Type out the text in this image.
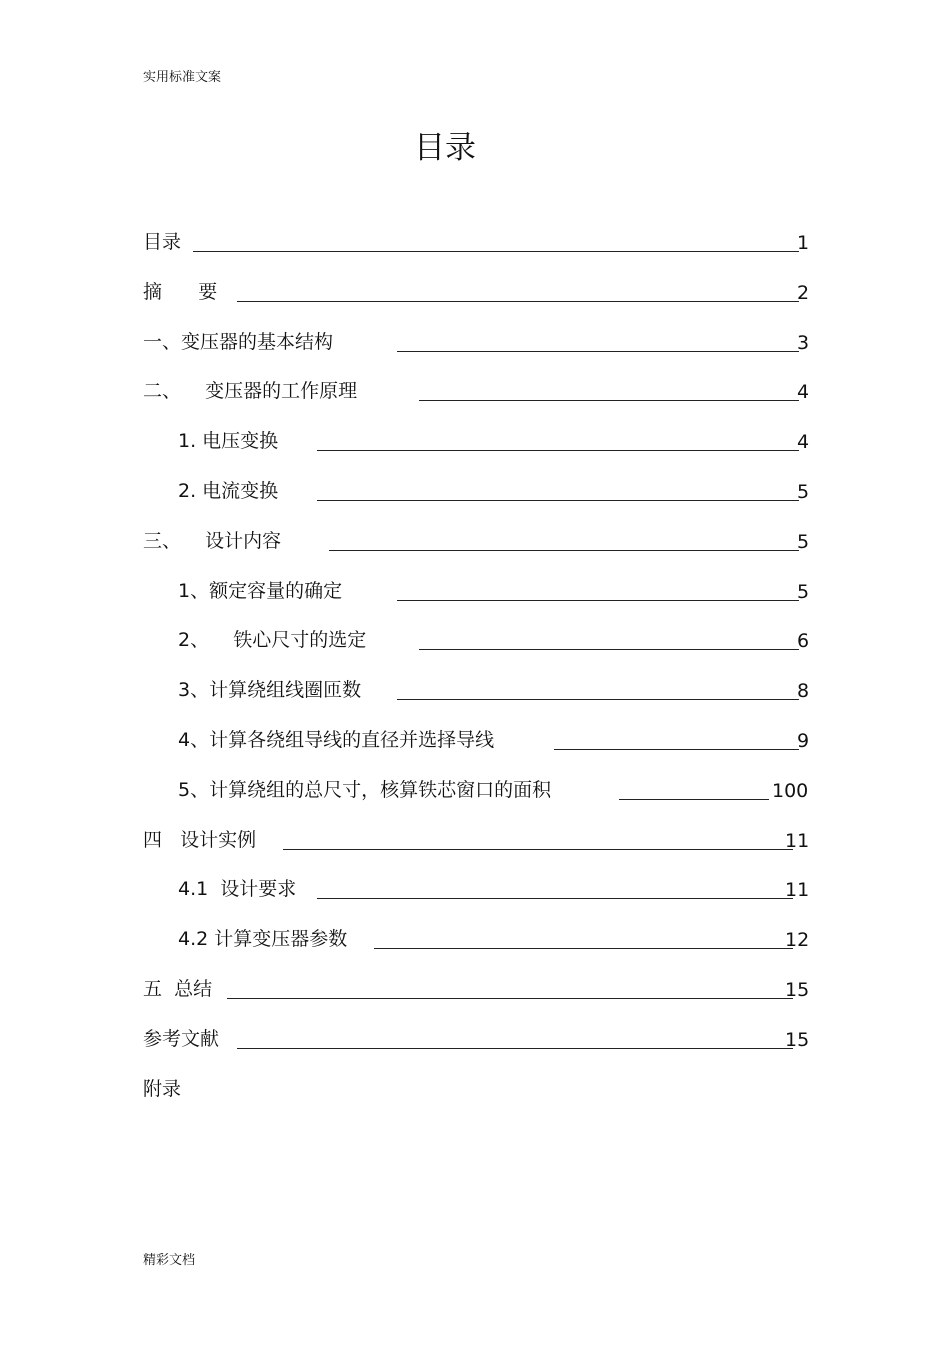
实用标准文案
目录
目录	1
摘      要	2
一、变压器的基本结构	3
二、    变压器的工作原理	4
1. 电压变换	4
2. 电流变换	5
三、    设计内容	5
1、额定容量的确定	5
2、    铁心尺寸的选定	6
3、计算绕组线圈匝数	8
4、计算各绕组导线的直径并选择导线	9
5、计算绕组的总尺寸，核算铁芯窗口的面积	100
四   设计实例	11
4.1  设计要求	11
4.2 计算变压器参数	12
五  总结	15
参考文献	15
附录
精彩文档
